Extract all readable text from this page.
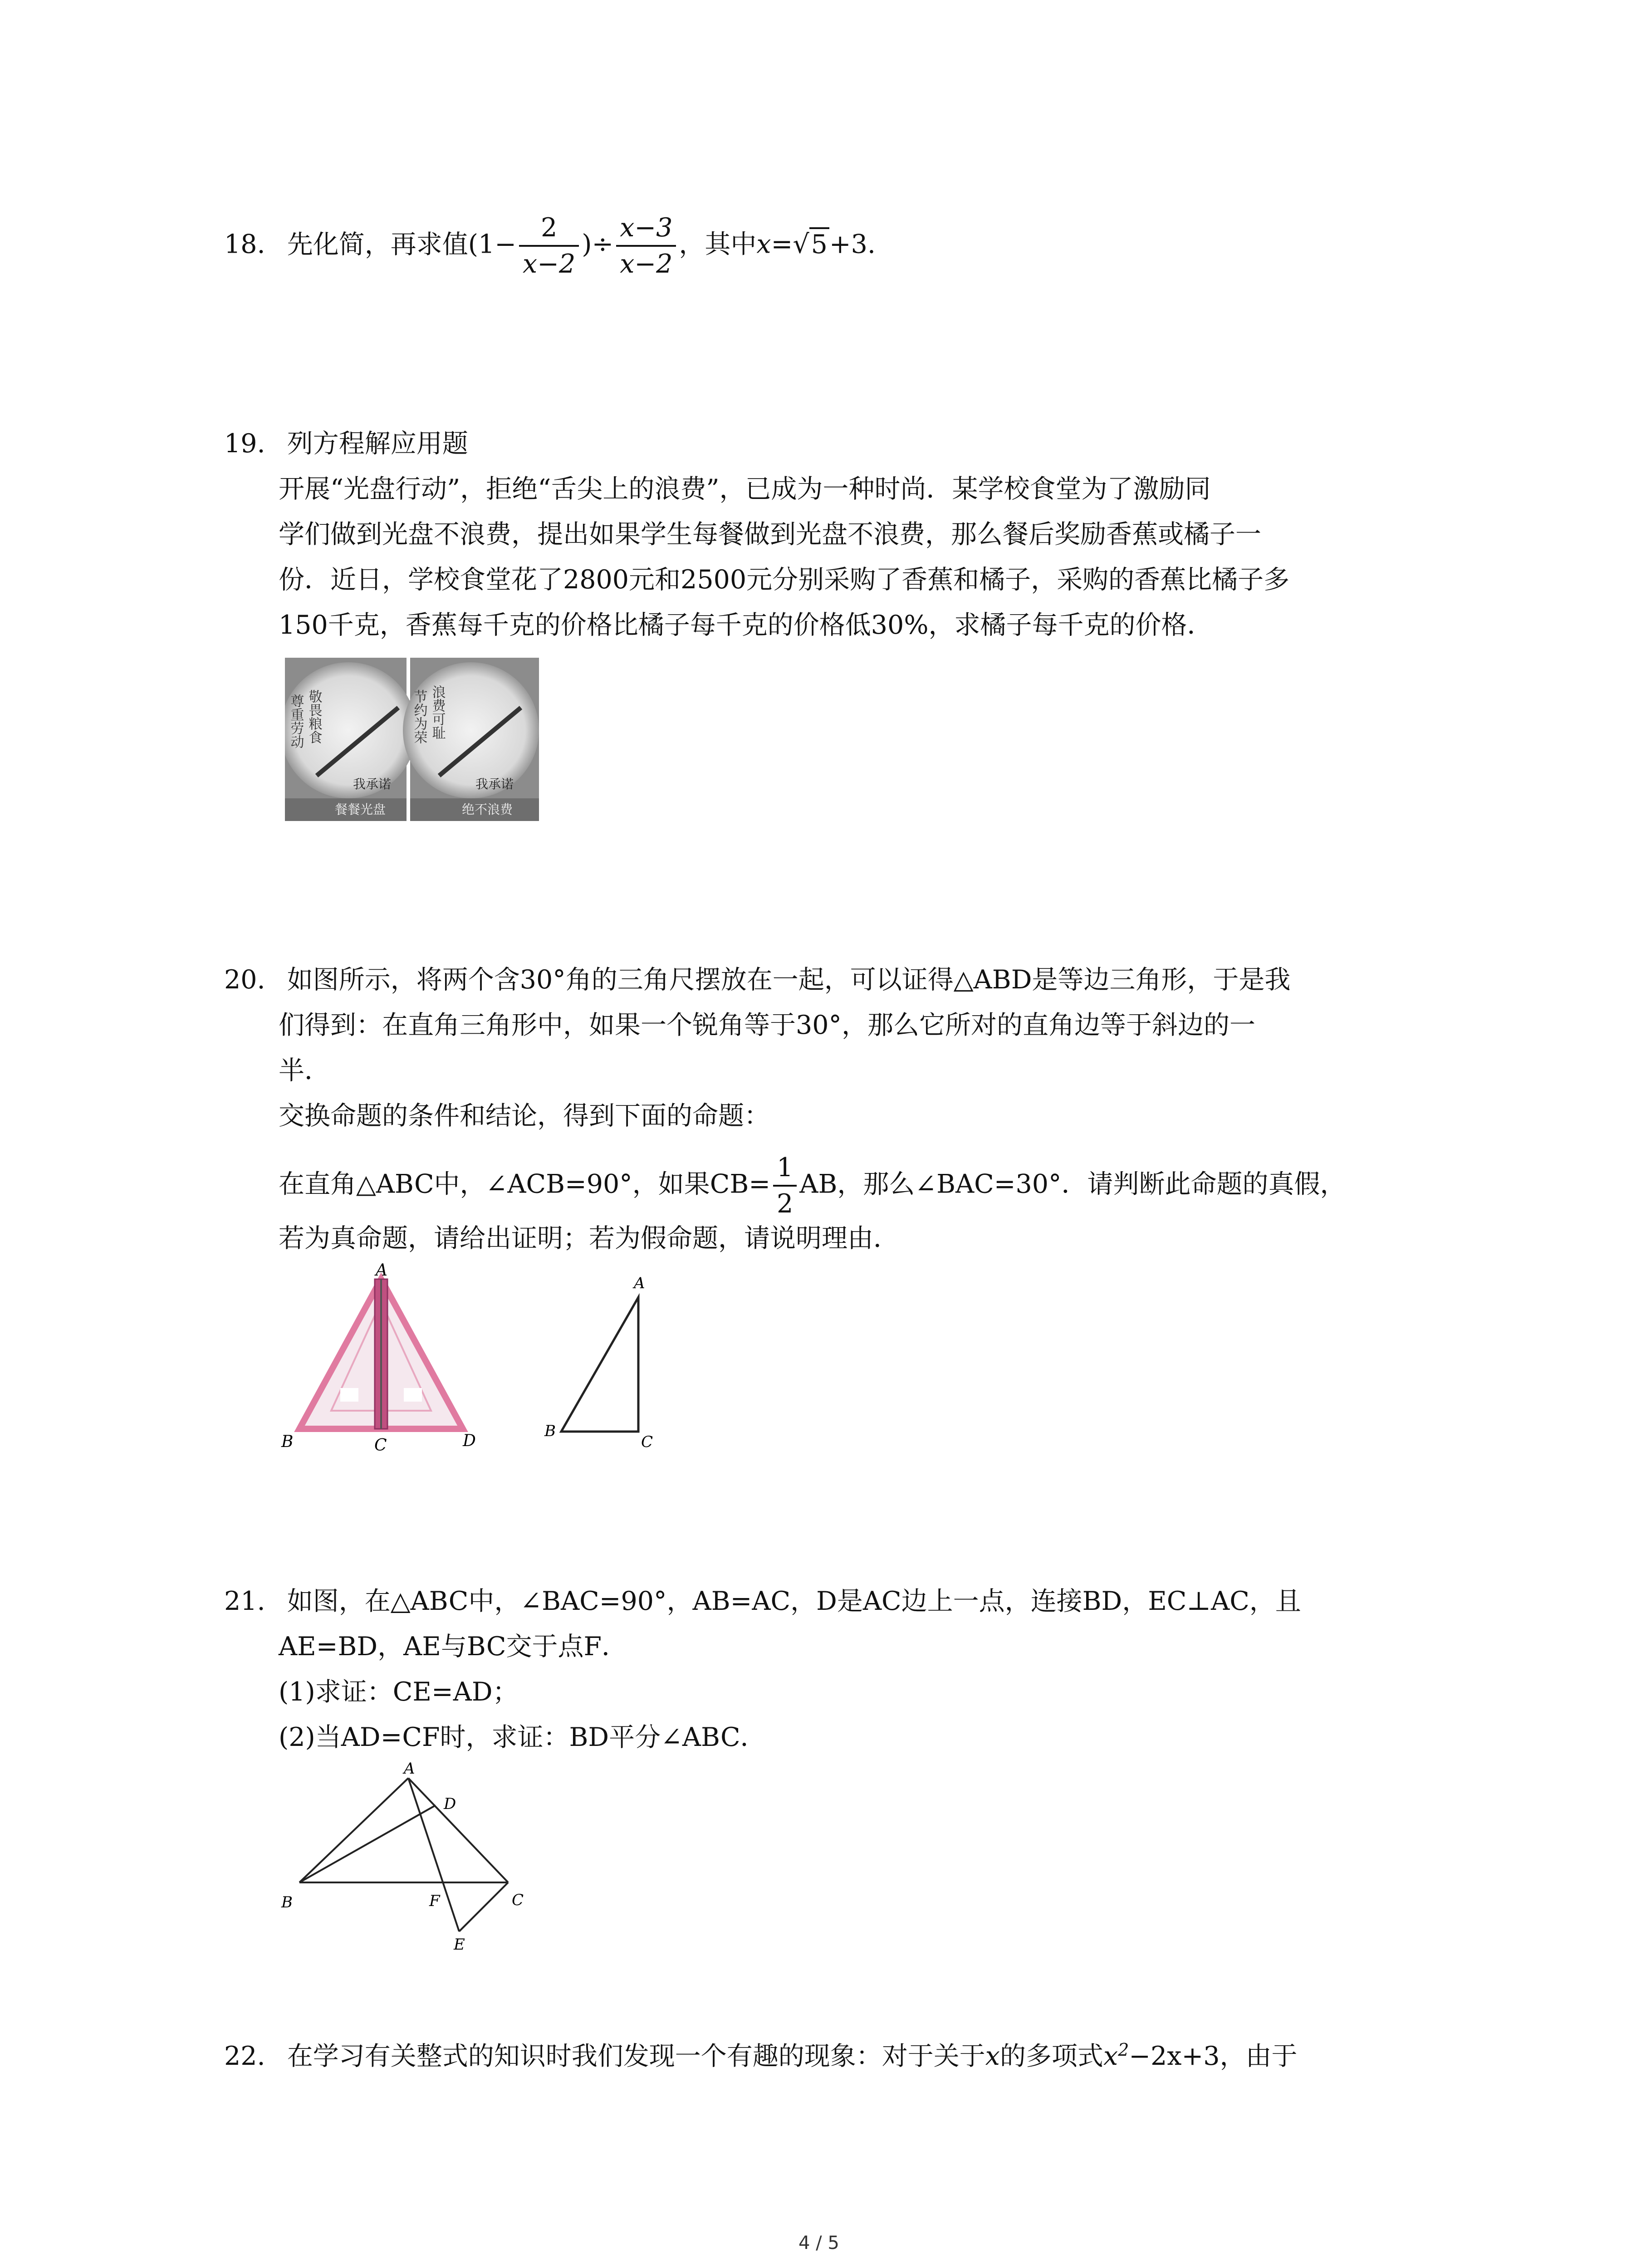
18. 先化简，再求值($1- \frac{2}{x-2}$ )÷ $\frac{x-3}{x-2}$ ，其中x=√5+3.
19. 列方程解应用题
开展“光盘行动”，拒绝“舌尖上的浪费”，已成为一种时尚．某学校食堂为了激励同
学们做到光盘不浪费，提出如果学生每餐做到光盘不浪费，那么餐后奖励香蕉或橘子一
份．近日，学校食堂花了2800元和2500元分别采购了香蕉和橘子，采购的香蕉比橘子多
150千克，香蕉每千克的价格比橘子每千克的价格低30%，求橘子每千克的价格．
尊重劳动 敬畏粮食
我承诺
餐餐光盘
节约为荣 浪费可耻
我承诺
绝不浪费
20. 如图所示，将两个含30°角的三角尺摆放在一起，可以证得△ABD是等边三角形，于是我
们得到：在直角三角形中，如果一个锐角等于30°，那么它所对的直角边等于斜边的一
半．
交换命题的条件和结论，得到下面的命题：
在直角△ABC中，∠ACB=90°，如果$CB= \frac{1}{2}$ AB，那么∠BAC=30°．请判断此命题的真假，
若为真命题，请给出证明；若为假命题，请说明理由．
A
B	C	D
A
B
C
21. 如图，在△ABC中，∠BAC=90°，AB=AC，D是AC边上一点，连接BD，EC⊥AC，且
AE=BD，AE与BC交于点F．
(1)求证：CE=AD；
(2)当AD=CF时，求证：BD平分∠ABC．
A
B	C
D
E
F
22. 在学习有关整式的知识时我们发现一个有趣的现象：对于关于x的多项式$x^2-2x+3$，由于
4 / 5
